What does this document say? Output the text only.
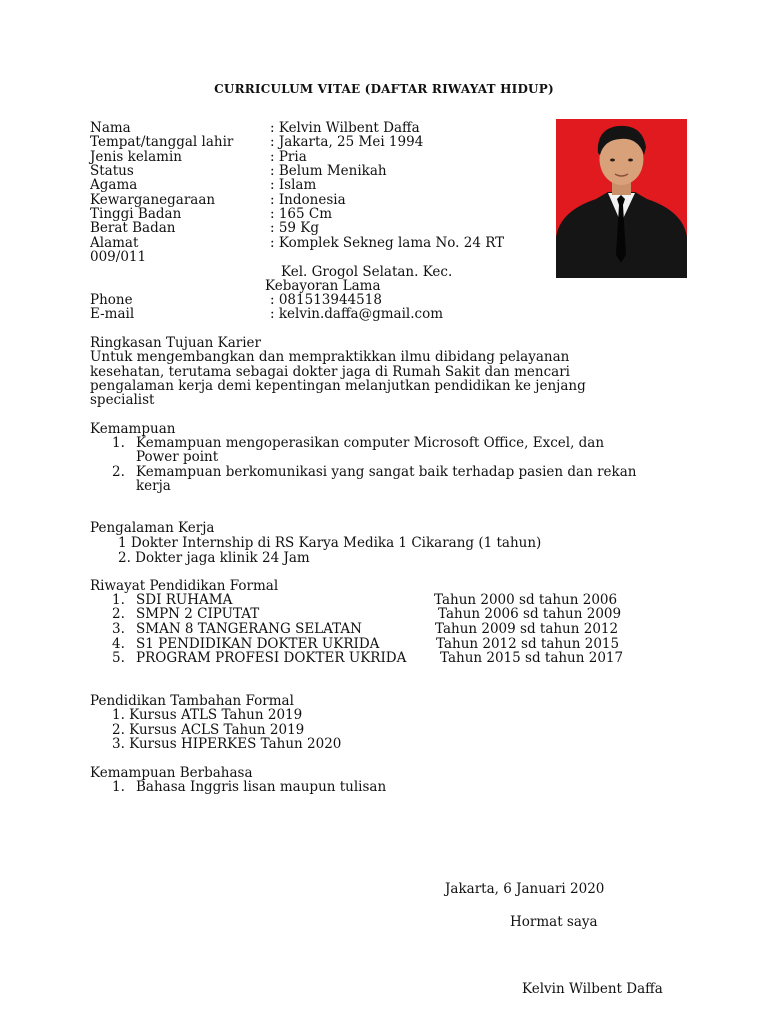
CURRICULUM VITAE (DAFTAR RIWAYAT HIDUP)
Nama	: Kelvin Wilbent Daffa
Tempat/tanggal lahir	: Jakarta, 25 Mei 1994
Jenis kelamin	: Pria
Status	: Belum Menikah
Agama	: Islam
Kewarganegaraan	: Indonesia
Tinggi Badan	: 165 Cm
Berat Badan	: 59 Kg
Alamat	: Komplek Sekneg lama No. 24 RT
009/011
Kel. Grogol Selatan. Kec.
Kebayoran Lama
Phone	: 081513944518
E-mail	: kelvin.daffa@gmail.com
Ringkasan Tujuan Karier
Untuk mengembangkan dan mempraktikkan ilmu dibidang pelayanan
kesehatan, terutama sebagai dokter jaga di Rumah Sakit dan mencari
pengalaman kerja demi kepentingan melanjutkan pendidikan ke jenjang
specialist
Kemampuan
1. Kemampuan mengoperasikan computer Microsoft Office, Excel, dan
Power point
2. Kemampuan berkomunikasi yang sangat baik terhadap pasien dan rekan
kerja
Pengalaman Kerja
1 Dokter Internship di RS Karya Medika 1 Cikarang (1 tahun)
2. Dokter jaga klinik 24 Jam
Riwayat Pendidikan Formal
1. SDI RUHAMA	Tahun 2000 sd tahun 2006
2. SMPN 2 CIPUTAT	Tahun 2006 sd tahun 2009
3. SMAN 8 TANGERANG SELATAN	Tahun 2009 sd tahun 2012
4. S1 PENDIDIKAN DOKTER UKRIDA	Tahun 2012 sd tahun 2015
5. PROGRAM PROFESI DOKTER UKRIDA Tahun 2015 sd tahun 2017
Pendidikan Tambahan Formal
1. Kursus ATLS Tahun 2019
2. Kursus ACLS Tahun 2019
3. Kursus HIPERKES Tahun 2020
Kemampuan Berbahasa
1. Bahasa Inggris lisan maupun tulisan
Jakarta, 6 Januari 2020
Hormat saya
Kelvin Wilbent Daffa
